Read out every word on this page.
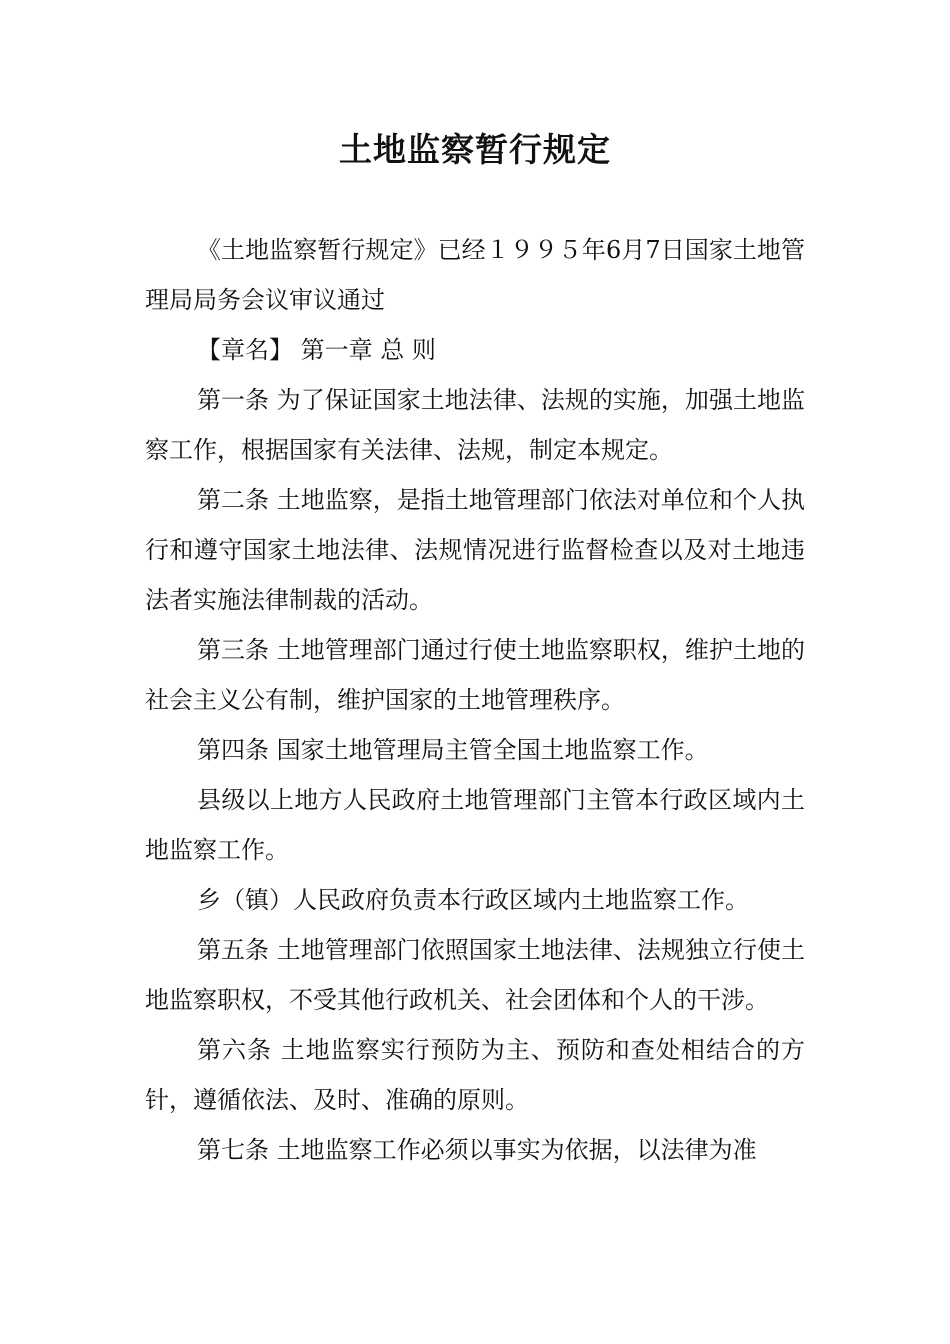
土地监察暂行规定

《土地监察暂行规定》已经１９９５年6月7日国家土地管理局局务会议审议通过

【章名】 第一章 总 则

第一条 为了保证国家土地法律、法规的实施，加强土地监察工作，根据国家有关法律、法规，制定本规定。

第二条 土地监察，是指土地管理部门依法对单位和个人执行和遵守国家土地法律、法规情况进行监督检查以及对土地违法者实施法律制裁的活动。

第三条 土地管理部门通过行使土地监察职权，维护土地的社会主义公有制，维护国家的土地管理秩序。

第四条 国家土地管理局主管全国土地监察工作。

县级以上地方人民政府土地管理部门主管本行政区域内土地监察工作。

乡（镇）人民政府负责本行政区域内土地监察工作。

第五条 土地管理部门依照国家土地法律、法规独立行使土地监察职权，不受其他行政机关、社会团体和个人的干涉。

第六条 土地监察实行预防为主、预防和查处相结合的方针，遵循依法、及时、准确的原则。

第七条 土地监察工作必须以事实为依据，以法律为准
